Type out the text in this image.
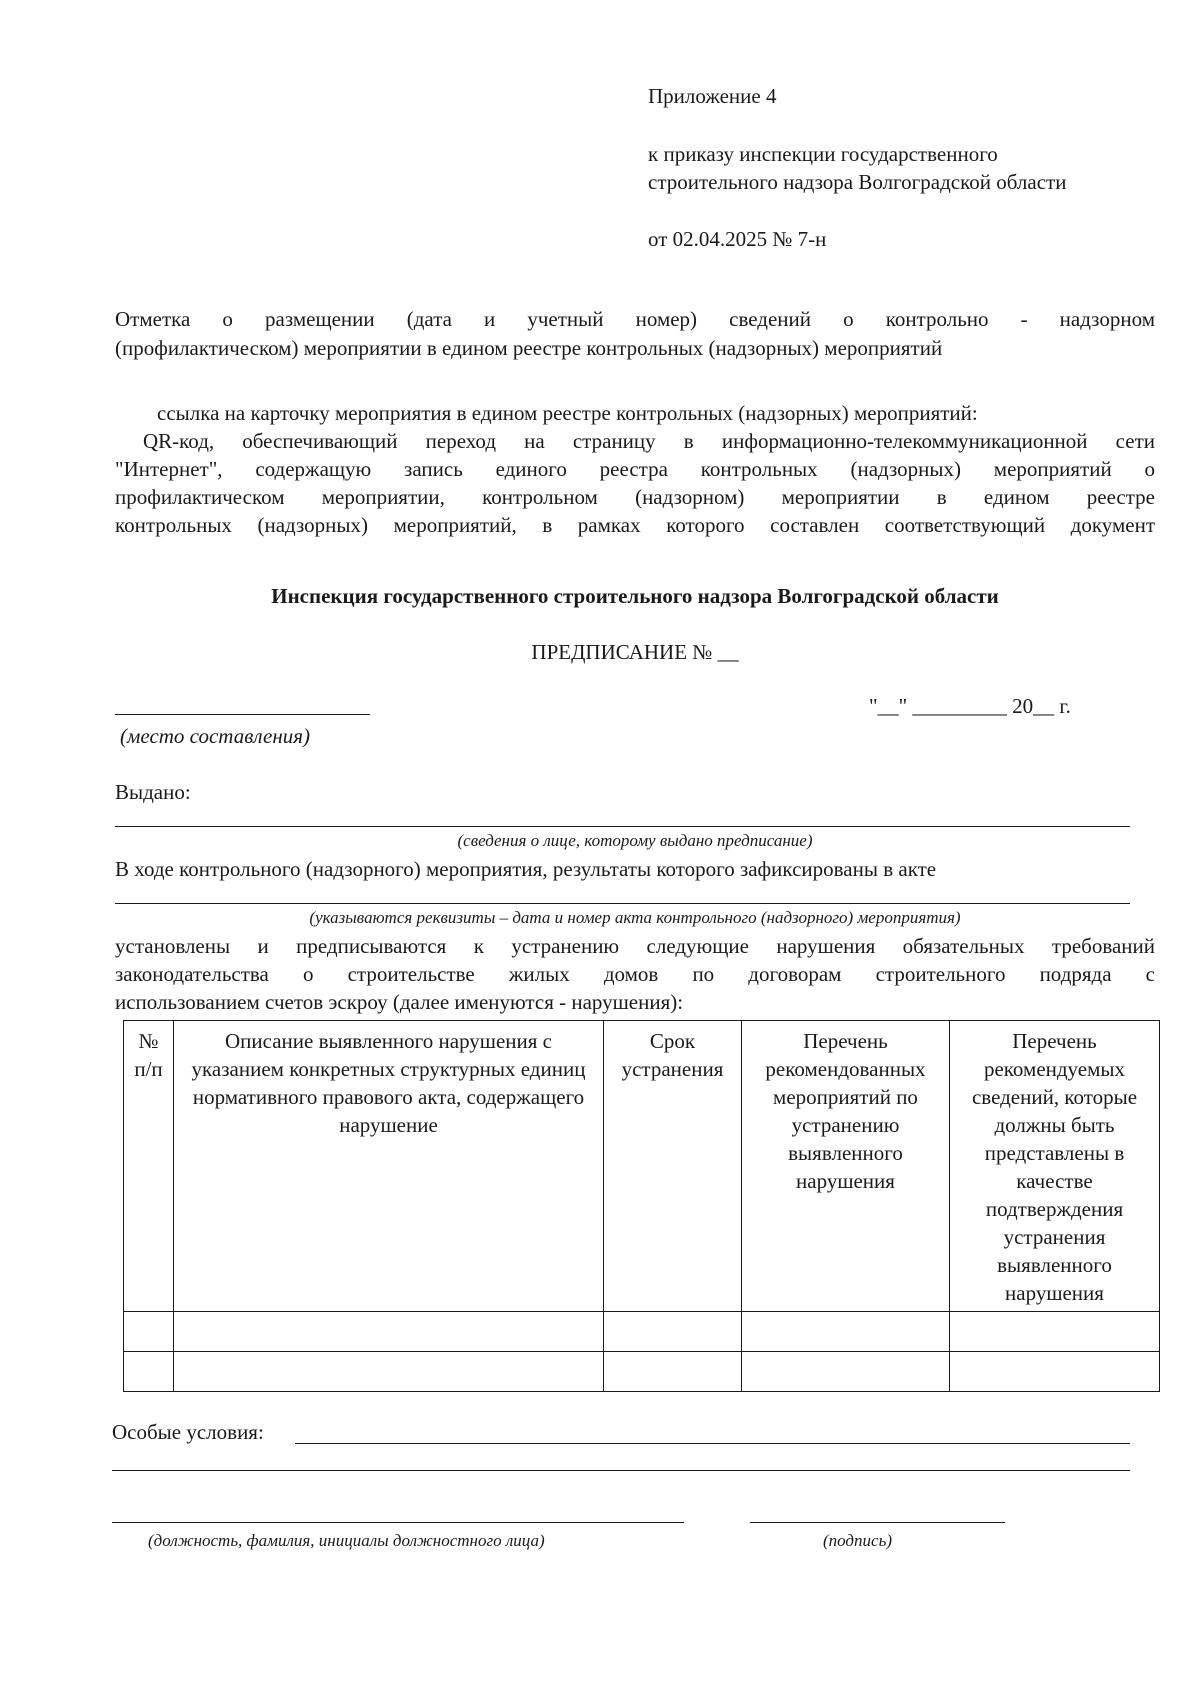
Приложение 4
к приказу инспекции государственного
строительного надзора Волгоградской области
от 02.04.2025 № 7-н
Отметка о размещении (дата и учетный номер) сведений о контрольно - надзорном
(профилактическом) мероприятии в едином реестре контрольных (надзорных) мероприятий
ссылка на карточку мероприятия в едином реестре контрольных (надзорных) мероприятий:
QR-код, обеспечивающий переход на страницу в информационно-телекоммуникационной сети
"Интернет", содержащую запись единого реестра контрольных (надзорных) мероприятий о
профилактическом мероприятии, контрольном (надзорном) мероприятии в едином реестре
контрольных (надзорных) мероприятий, в рамках которого составлен соответствующий документ
Инспекция государственного строительного надзора Волгоградской области
ПРЕДПИСАНИЕ № __
"__" _________ 20__ г.
(место составления)
Выдано:
(сведения о лице, которому выдано предписание)
В ходе контрольного (надзорного) мероприятия, результаты которого зафиксированы в акте
(указываются реквизиты – дата и номер акта контрольного (надзорного) мероприятия)
установлены и предписываются к устранению следующие нарушения обязательных требований
законодательства о строительстве жилых домов по договорам строительного подряда с
использованием счетов эскроу (далее именуются - нарушения):
№ п/п	Описание выявленного нарушения с указанием конкретных структурных единиц нормативного правового акта, содержащего нарушение	Срок устранения	Перечень рекомендованных мероприятий по устранению выявленного нарушения	Перечень рекомендуемых сведений, которые должны быть представлены в качестве подтверждения устранения выявленного нарушения

Особые условия:
(должность, фамилия, инициалы должностного лица)	(подпись)
